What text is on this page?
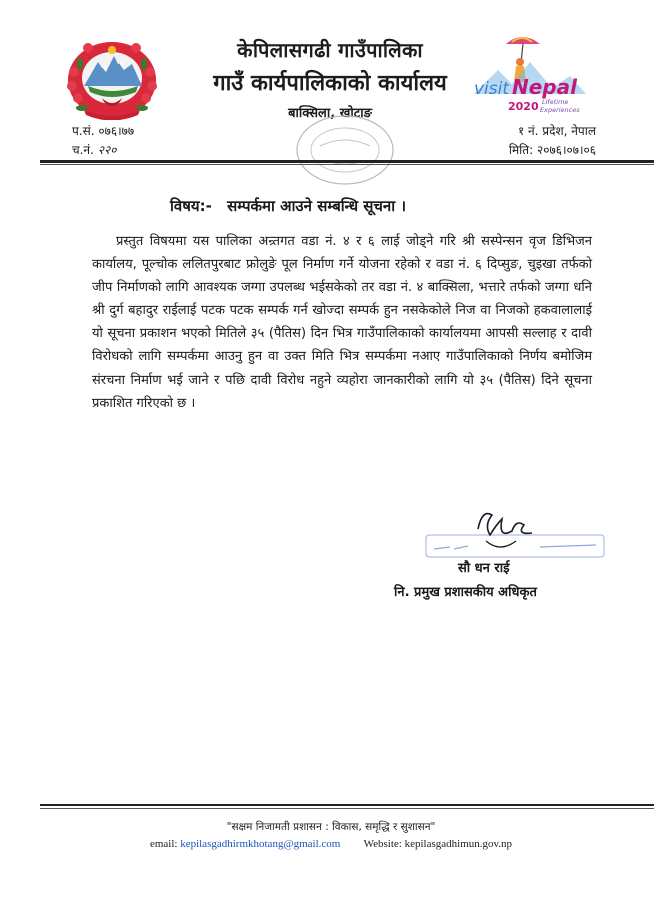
केपिलासगढी गाउँपालिका
गाउँ कार्यपालिकाको कार्यालय
बाक्सिला, खोटाङ
visit Nepal
2020 Lifetime
Experiences
प.सं. ०७६।७७
च.नं. २२०
१ नं. प्रदेश, नेपाल
मिति: २०७६।०७।०६
विषय:- सम्पर्कमा आउने सम्बन्धि सूचना ।

प्रस्तुत विषयमा यस पालिका अन्र्तगत वडा नं. ४ र ६ लाई जोड्ने गरि श्री सस्पेन्सन वृज डिभिजन कार्यालय, पूल्चोक ललितपुरबाट फ्रोलुङे पूल निर्माण गर्ने योजना रहेको र वडा नं. ६ दिप्सुङ, चुइखा तर्फको जीप निर्माणको लागि आवश्यक जग्गा उपलब्ध भईसकेको तर वडा नं. ४ बाक्सिला, भत्तारे तर्फको जग्गा धनि श्री दुर्ग बहादुर राईलाई पटक पटक सम्पर्क गर्न खोज्दा सम्पर्क हुन नसकेकोले निज वा निजको हकवालालाई यो सूचना प्रकाशन भएको मितिले ३५ (पैतिस) दिन भित्र गाउँपालिकाको कार्यालयमा आपसी सल्लाह र दावी विरोधको लागि सम्पर्कमा आउनु हुन वा उक्त मिति भित्र सम्पर्कमा नआए गाउँपालिकाको निर्णय बमोजिम संरचना निर्माण भई जाने र पछि दावी विरोध नहुने व्यहोरा जानकारीको लागि यो ३५ (पैतिस) दिने सूचना प्रकाशित गरिएको छ ।

सौ धन राई
नि. प्रमुख प्रशासकीय अधिकृत
"सक्षम निजामती प्रशासन : विकास, समृद्धि र सुशासन"
email: kepilasgadhirmkhotang@gmail.com Website: kepilasgadhimun.gov.np
